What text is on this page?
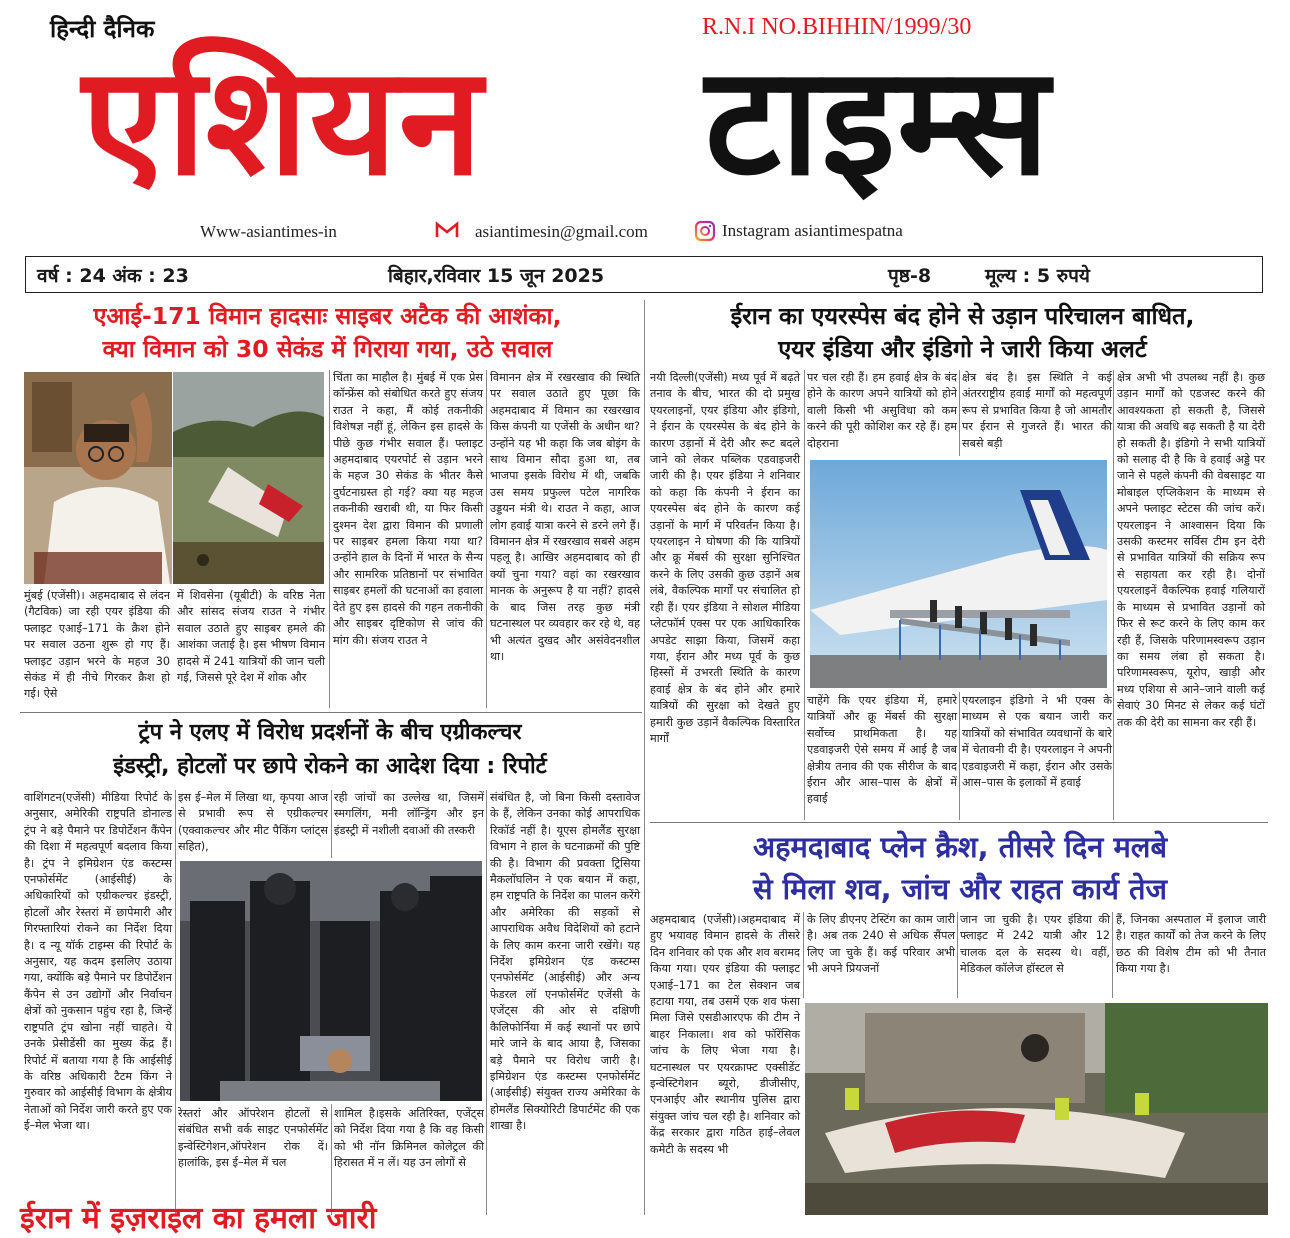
हिन्दी दैनिक	R.N.I NO.BIHHIN/1999/30
एशियन	टाइम्स
Www-asiantimes-in	asiantimesin@gmail.com	Instagram asiantimespatna
वर्ष : 24 अंक : 23	बिहार,रविवार 15 जून 2025	पृष्ठ-8	मूल्य : 5 रुपये
एआई-171 विमान हादसाः साइबर अटैक की आशंका,
क्या विमान को 30 सेकंड में गिराया गया, उठे सवाल
मुंबई (एजेंसी)। अहमदाबाद से लंदन (गैटविक) जा रही एयर इंडिया की फ्लाइट एआई–171 के क्रैश होने पर सवाल उठना शुरू हो गए हैं। फ्लाइट उड़ान भरने के महज 30 सेकंड में ही नीचे गिरकर क्रैश हो गई। ऐसे
में शिवसेना (यूबीटी) के वरिष्ठ नेता और सांसद संजय राउत ने गंभीर सवाल उठाते हुए साइबर हमले की आशंका जताई है। इस भीषण विमान हादसे में 241 यात्रियों की जान चली गई, जिससे पूरे देश में शोक और
चिंता का माहौल है। मुंबई में एक प्रेस कॉन्फ्रेंस को संबोधित करते हुए संजय राउत ने कहा, मैं कोई तकनीकी विशेषज्ञ नहीं हूं, लेकिन इस हादसे के पीछे कुछ गंभीर सवाल हैं। फ्लाइट अहमदाबाद एयरपोर्ट से उड़ान भरने के महज 30 सेकंड के भीतर कैसे दुर्घटनाग्रस्त हो गई? क्या यह महज तकनीकी खराबी थी, या फिर किसी दुश्मन देश द्वारा विमान की प्रणाली पर साइबर हमला किया गया था? उन्होंने हाल के दिनों में भारत के सैन्य और सामरिक प्रतिष्ठानों पर संभावित साइबर हमलों की घटनाओं का हवाला देते हुए इस हादसे की गहन तकनीकी और साइबर दृष्टिकोण से जांच की मांग की। संजय राउत ने
विमानन क्षेत्र में रखरखाव की स्थिति पर सवाल उठाते हुए पूछा कि अहमदाबाद में विमान का रखरखाव किस कंपनी या एजेंसी के अधीन था? उन्होंने यह भी कहा कि जब बोइंग के साथ विमान सौदा हुआ था, तब भाजपा इसके विरोध में थी, जबकि उस समय प्रफुल्ल पटेल नागरिक उड्डयन मंत्री थे। राउत ने कहा, आज लोग हवाई यात्रा करने से डरने लगे हैं। विमानन क्षेत्र में रखरखाव सबसे अहम पहलू है। आखिर अहमदाबाद को ही क्यों चुना गया? वहां का रखरखाव मानक के अनुरूप है या नहीं? हादसे के बाद जिस तरह कुछ मंत्री घटनास्थल पर व्यवहार कर रहे थे, वह भी अत्यंत दुखद और असंवेदनशील था।
ईरान का एयरस्पेस बंद होने से उड़ान परिचालन बाधित,
एयर इंडिया और इंडिगो ने जारी किया अलर्ट
नयी दिल्ली(एजेंसी) मध्य पूर्व में बढ़ते तनाव के बीच, भारत की दो प्रमुख एयरलाइनों, एयर इंडिया और इंडिगो, ने ईरान के एयरस्पेस के बंद होने के कारण उड़ानों में देरी और रूट बदले जाने को लेकर पब्लिक एडवाइजरी जारी की है। एयर इंडिया ने शनिवार को कहा कि कंपनी ने ईरान का एयरस्पेस बंद होने के कारण कई उड़ानों के मार्ग में परिवर्तन किया है। एयरलाइन ने घोषणा की कि यात्रियों और क्रू मेंबर्स की सुरक्षा सुनिश्चित करने के लिए उसकी कुछ उड़ानें अब लंबे, वैकल्पिक मार्गों पर संचालित हो रही हैं। एयर इंडिया ने सोशल मीडिया प्लेटफॉर्म एक्स पर एक आधिकारिक अपडेट साझा किया, जिसमें कहा गया, ईरान और मध्य पूर्व के कुछ हिस्सों में उभरती स्थिति के कारण हवाई क्षेत्र के बंद होने और हमारे यात्रियों की सुरक्षा को देखते हुए हमारी कुछ उड़ानें वैकल्पिक विस्तारित मार्गों
पर चल रही हैं। हम हवाई क्षेत्र के बंद होने के कारण अपने यात्रियों को होने वाली किसी भी असुविधा को कम करने की पूरी कोशिश कर रहे हैं। हम दोहराना
क्षेत्र बंद है। इस स्थिति ने कई अंतरराष्ट्रीय हवाई मार्गों को महत्वपूर्ण रूप से प्रभावित किया है जो आमतौर पर ईरान से गुजरते हैं। भारत की सबसे बड़ी
चाहेंगे कि एयर इंडिया में, हमारे यात्रियों और क्रू मेंबर्स की सुरक्षा सर्वोच्च प्राथमिकता है। यह एडवाइजरी ऐसे समय में आई है जब क्षेत्रीय तनाव की एक सीरीज के बाद ईरान और आस–पास के क्षेत्रों में हवाई
एयरलाइन इंडिगो ने भी एक्स के माध्यम से एक बयान जारी कर यात्रियों को संभावित व्यवधानों के बारे में चेतावनी दी है। एयरलाइन ने अपनी एडवाइजरी में कहा, ईरान और उसके आस–पास के इलाकों में हवाई
क्षेत्र अभी भी उपलब्ध नहीं है। कुछ उड़ान मार्गों को एडजस्ट करने की आवश्यकता हो सकती है, जिससे यात्रा की अवधि बढ़ सकती है या देरी हो सकती है। इंडिगो ने सभी यात्रियों को सलाह दी है कि वे हवाई अड्डे पर जाने से पहले कंपनी की वेबसाइट या मोबाइल एप्लिकेशन के माध्यम से अपने फ्लाइट स्टेटस की जांच करें। एयरलाइन ने आश्वासन दिया कि उसकी कस्टमर सर्विस टीम इन देरी से प्रभावित यात्रियों की सक्रिय रूप से सहायता कर रही है। दोनों एयरलाइनें वैकल्पिक हवाई गलियारों के माध्यम से प्रभावित उड़ानों को फिर से रूट करने के लिए काम कर रही हैं, जिसके परिणामस्वरूप उड़ान का समय लंबा हो सकता है। परिणामस्वरूप, यूरोप, खाड़ी और मध्य एशिया से आने–जाने वाली कई सेवाएं 30 मिनट से लेकर कई घंटों तक की देरी का सामना कर रही हैं।
ट्रंप ने एलए में विरोध प्रदर्शनों के बीच एग्रीकल्चर
इंडस्ट्री, होटलों पर छापे रोकने का आदेश दिया : रिपोर्ट
वाशिंगटन(एजेंसी) मीडिया रिपोर्ट के अनुसार, अमेरिकी राष्ट्रपति डोनाल्ड ट्रंप ने बड़े पैमाने पर डिपोर्टेशन कैंपेन की दिशा में महत्वपूर्ण बदलाव किया है। ट्रंप ने इमिग्रेशन एंड कस्टम्स एनफोर्समेंट (आईसीई) के अधिकारियों को एग्रीकल्चर इंडस्ट्री, होटलों और रेस्तरां में छापेमारी और गिरफ्तारियां रोकने का निर्देश दिया है। द न्यू यॉर्क टाइम्स की रिपोर्ट के अनुसार, यह कदम इसलिए उठाया गया, क्योंकि बड़े पैमाने पर डिपोर्टेशन कैंपेन से उन उद्योगों और निर्वाचन क्षेत्रों को नुकसान पहुंच रहा है, जिन्हें राष्ट्रपति ट्रंप खोना नहीं चाहते। ये उनके प्रेसीडेंसी का मुख्य केंद्र हैं। रिपोर्ट में बताया गया है कि आईसीई के वरिष्ठ अधिकारी टैटम किंग ने गुरुवार को आईसीई विभाग के क्षेत्रीय नेताओं को निर्देश जारी करते हुए एक ई–मेल भेजा था।
इस ई–मेल में लिखा था, कृपया आज से प्रभावी रूप से एग्रीकल्चर (एक्वाकल्चर और मीट पैकिंग प्लांट्स सहित),
रही जांचों का उल्लेख था, जिसमें स्मगलिंग, मनी लॉन्ड्रिंग और इन इंडस्ट्री में नशीली दवाओं की तस्करी
रेस्तरां और ऑपरेशन होटलों से संबंधित सभी वर्क साइट एनफोर्समेंट इन्वेस्टिगेशन,ऑपरेशन रोक दें। हालांकि, इस ई–मेल में चल
शामिल है।इसके अतिरिक्त, एजेंट्स को निर्देश दिया गया है कि वह किसी को भी नॉन क्रिमिनल कोलेट्रल की हिरासत में न लें। यह उन लोगों से
संबंधित है, जो बिना किसी दस्तावेज के हैं, लेकिन उनका कोई आपराधिक रिकॉर्ड नहीं है। यूएस होमलैंड सुरक्षा विभाग ने हाल के घटनाक्रमों की पुष्टि की है। विभाग की प्रवक्ता ट्रिसिया मैकलॉघलिन ने एक बयान में कहा, हम राष्ट्रपति के निर्देश का पालन करेंगे और अमेरिका की सड़कों से आपराधिक अवैध विदेशियों को हटाने के लिए काम करना जारी रखेंगे। यह निर्देश इमिग्रेशन एंड कस्टम्स एनफोर्समेंट (आईसीई) और अन्य फेडरल लॉ एनफोर्समेंट एजेंसी के एजेंट्स की ओर से दक्षिणी कैलिफोर्निया में कई स्थानों पर छापे मारे जाने के बाद आया है, जिसका बड़े पैमाने पर विरोध जारी है। इमिग्रेशन एंड कस्टम्स एनफोर्समेंट (आईसीई) संयुक्त राज्य अमेरिका के होमलैंड सिक्योरिटी डिपार्टमेंट की एक शाखा है।
ईरान में इज़राइल का हमला जारी
अहमदाबाद प्लेन क्रैश, तीसरे दिन मलबे
से मिला शव, जांच और राहत कार्य तेज
अहमदाबाद (एजेंसी)।अहमदाबाद में हुए भयावह विमान हादसे के तीसरे दिन शनिवार को एक और शव बरामद किया गया। एयर इंडिया की फ्लाइट एआई–171 का टेल सेक्शन जब हटाया गया, तब उसमें एक शव फंसा मिला जिसे एसडीआरएफ की टीम ने बाहर निकाला। शव को फॉरेंसिक जांच के लिए भेजा गया है। घटनास्थल पर एयरक्राफ्ट एक्सीडेंट इन्वेस्टिगेशन ब्यूरो, डीजीसीए, एनआईए और स्थानीय पुलिस द्वारा संयुक्त जांच चल रही है। शनिवार को केंद्र सरकार द्वारा गठित हाई–लेवल कमेटी के सदस्य भी
के लिए डीएनए टेस्टिंग का काम जारी है। अब तक 240 से अधिक सैंपल लिए जा चुके हैं। कई परिवार अभी भी अपने प्रियजनों
जान जा चुकी है। एयर इंडिया की फ्लाइट में 242 यात्री और 12 चालक दल के सदस्य थे। वहीं, मेडिकल कॉलेज हॉस्टल से
हैं, जिनका अस्पताल में इलाज जारी है। राहत कार्यों को तेज करने के लिए छठ की विशेष टीम को भी तैनात किया गया है।
